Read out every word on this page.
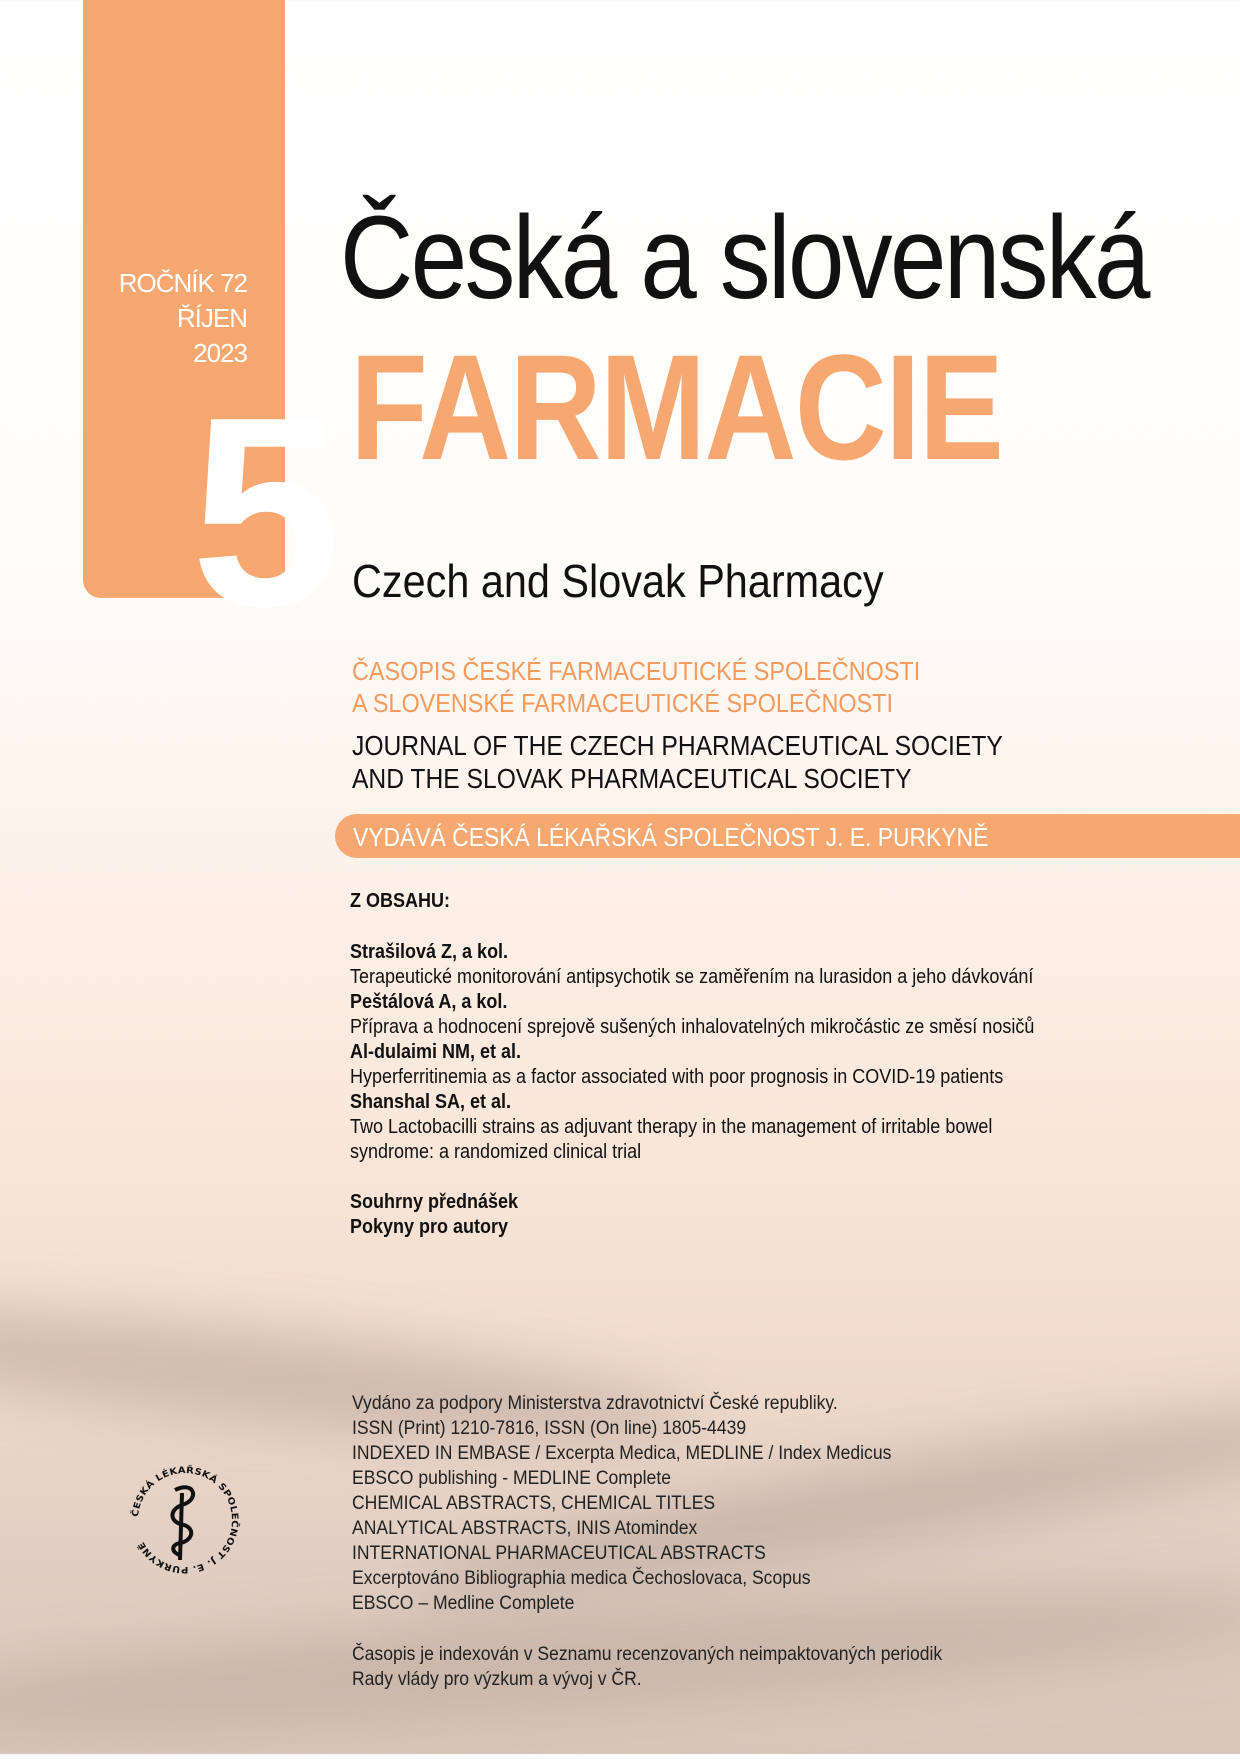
ROČNÍK 72
ŘÍJEN
2023
5
Česká a slovenská
FARMACIE
Czech and Slovak Pharmacy
ČASOPIS ČESKÉ FARMACEUTICKÉ SPOLEČNOSTI
A SLOVENSKÉ FARMACEUTICKÉ SPOLEČNOSTI
JOURNAL OF THE CZECH PHARMACEUTICAL SOCIETY
AND THE SLOVAK PHARMACEUTICAL SOCIETY
VYDÁVÁ ČESKÁ LÉKAŘSKÁ SPOLEČNOST J. E. PURKYNĚ
Z OBSAHU:
Strašilová Z, a kol.
Terapeutické monitorování antipsychotik se zaměřením na lurasidon a jeho dávkování
Peštálová A, a kol.
Příprava a hodnocení sprejově sušených inhalovatelných mikročástic ze směsí nosičů
Al-dulaimi NM, et al.
Hyperferritinemia as a factor associated with poor prognosis in COVID-19 patients
Shanshal SA, et al.
Two Lactobacilli strains as adjuvant therapy in the management of irritable bowel
syndrome: a randomized clinical trial
Souhrny přednášek
Pokyny pro autory
Vydáno za podpory Ministerstva zdravotnictví České republiky.
ISSN (Print) 1210-7816, ISSN (On line) 1805-4439
INDEXED IN EMBASE / Excerpta Medica, MEDLINE / Index Medicus
EBSCO publishing - MEDLINE Complete
CHEMICAL ABSTRACTS, CHEMICAL TITLES
ANALYTICAL ABSTRACTS, INIS Atomindex
INTERNATIONAL PHARMACEUTICAL ABSTRACTS
Excerptováno Bibliographia medica Čechoslovaca, Scopus
EBSCO – Medline Complete
Časopis je indexován v Seznamu recenzovaných neimpaktovaných periodik
Rady vlády pro výzkum a vývoj v ČR.
ČESKÁ LÉKAŘSKÁ SPOLEČNOST J. E. PURKYNĚ
